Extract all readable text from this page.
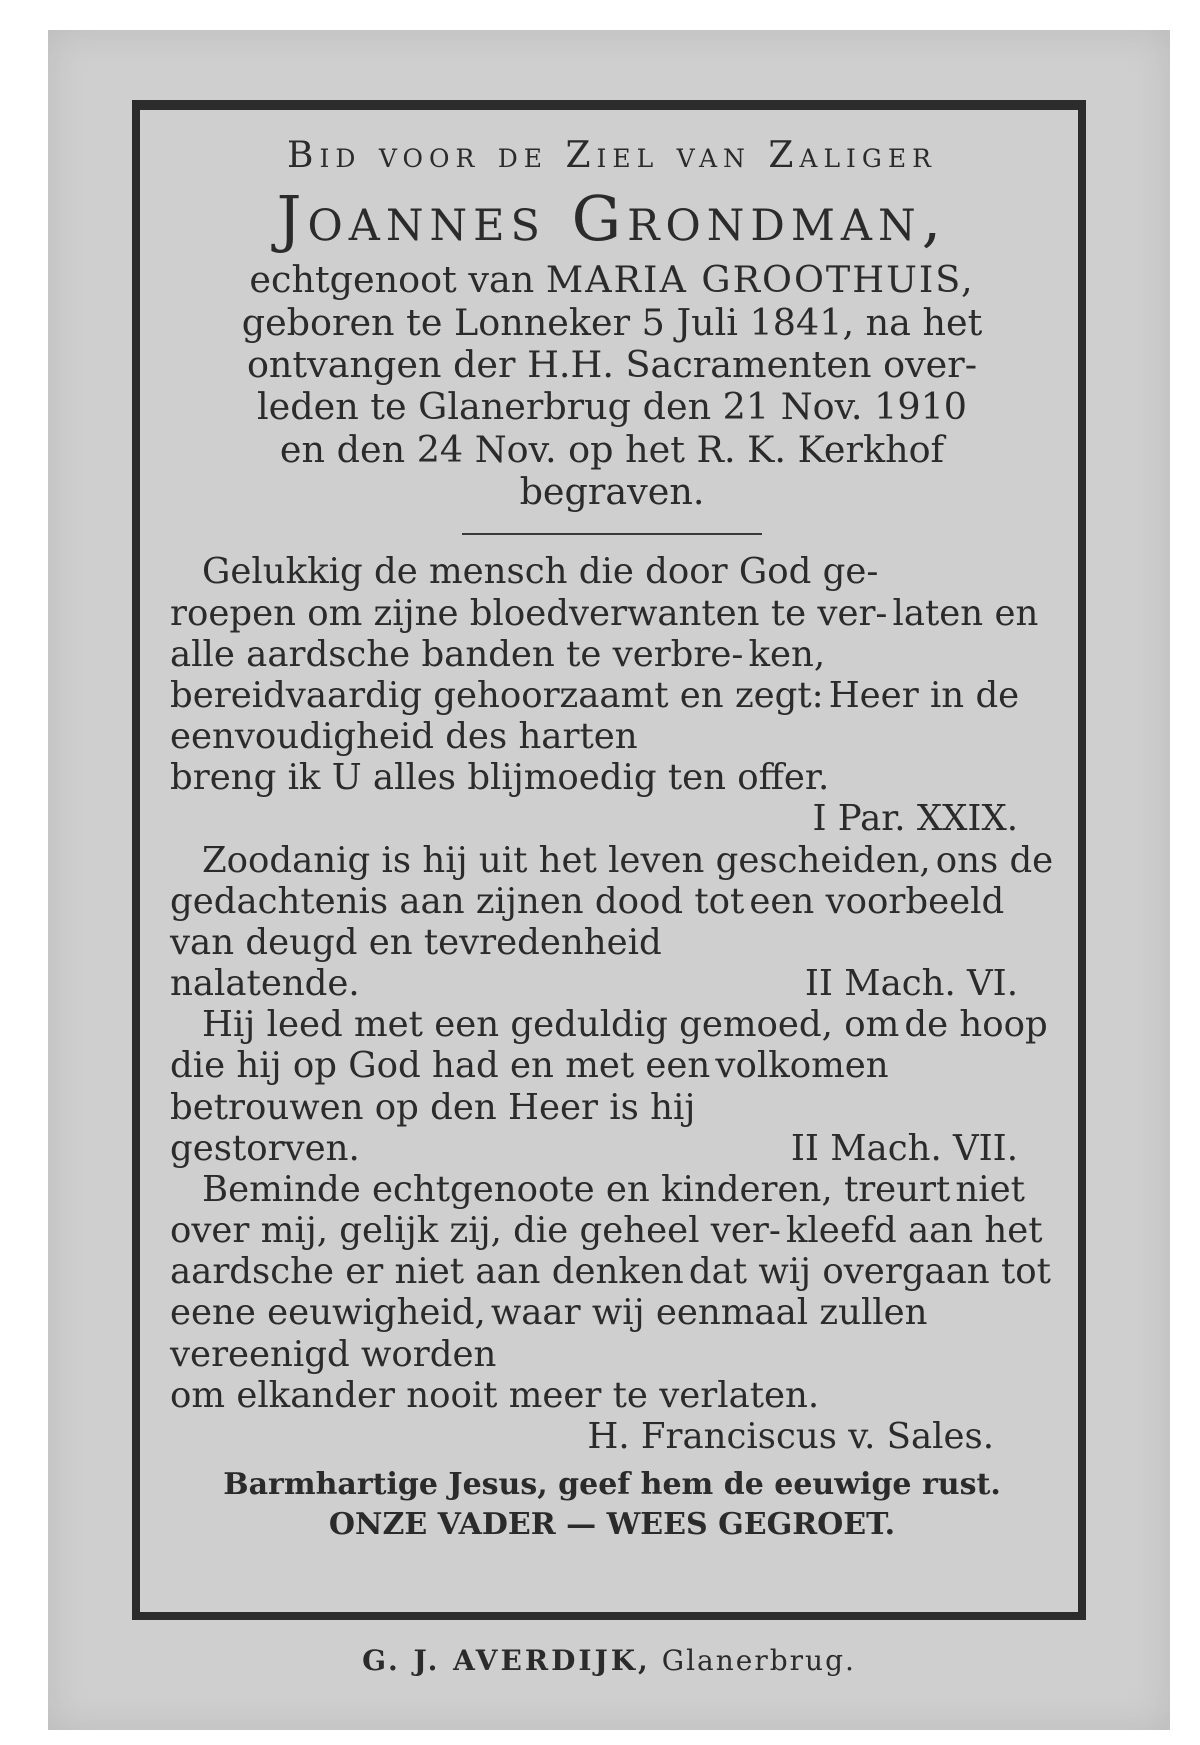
Bid voor de Ziel van Zaliger

Joannes Grondman,

echtgenoot van MARIA GROOTHUIS,

geboren te Lonneker 5 Juli 1841, na het

ontvangen der H.H. Sacramenten over-

leden te Glanerbrug den 21 Nov. 1910

en den 24 Nov. op het R. K. Kerkhof

begraven.

Gelukkig de mensch die door God ge-
roepen om zijne bloedverwanten te ver- laten en alle aardsche banden te verbre- ken, bereidvaardig gehoorzaamt en zegt: Heer in de eenvoudigheid des harten
breng ik U alles blijmoedig ten offer.
I Par. XXIX.
Zoodanig is hij uit het leven gescheiden, ons de gedachtenis aan zijnen dood tot een voorbeeld van deugd en tevredenheid
nalatende.	II Mach. VI.
Hij leed met een geduldig gemoed, om de hoop die hij op God had en met een volkomen betrouwen op den Heer is hij
gestorven.	II Mach. VII.
Beminde echtgenoote en kinderen, treurt niet over mij, gelijk zij, die geheel ver- kleefd aan het aardsche er niet aan denken dat wij overgaan tot eene eeuwigheid, waar wij eenmaal zullen vereenigd worden
om elkander nooit meer te verlaten.
H. Franciscus v. Sales.

Barmhartige Jesus, geef hem de eeuwige rust.

ONZE VADER — WEES GEGROET.

G. J. AVERDIJK, Glanerbrug.
